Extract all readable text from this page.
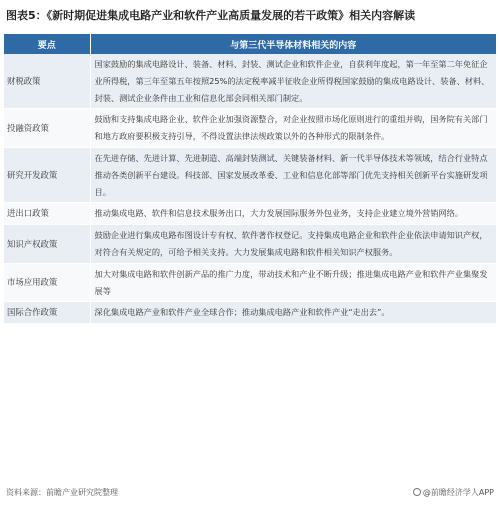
图表5：《新时期促进集成电路产业和软件产业高质量发展的若干政策》相关内容解读
要点	与第三代半导体材料相关的内容
财税政策	国家鼓励的集成电路设计、装备、材料、封装、测试企业和软件企业，自获利年度起，第一年至第二年免征企业所得税，第三年至第五年按照25%的法定税率减半征收企业所得税国家鼓励的集成电路设计、装备、材料、封装、测试企业条件由工业和信息化部会同相关部门制定。
投融资政策	鼓励和支持集成电路企业、软件企业加强资源整合，对企业按照市场化原则进行的重组并购，国务院有关部门和地方政府要积极支持引导，不得设置法律法规政策以外的各种形式的限制条件。
研究开发政策	在先进存储、先进计算、先进制造、高端封装测试、关键装备材料、新一代半导体技术等领域，结合行业特点推动各类创新平台建设。科技部、国家发展改革委、工业和信息化部等部门优先支持相关创新平台实施研发项目。
进出口政策	推动集成电路、软件和信息技术服务出口，大力发展国际服务外包业务，支持企业建立境外营销网络。
知识产权政策	鼓励企业进行集成电路布图设计专有权、软件著作权登记。支持集成电路企业和软件企业依法申请知识产权，对符合有关规定的，可给予相关支持。大力发展集成电路和软件相关知识产权服务。
市场应用政策	加大对集成电路和软件创新产品的推广力度，带动技术和产业不断升级；推进集成电路产业和软件产业集聚发展等
国际合作政策	深化集成电路产业和软件产业全球合作；推动集成电路产业和软件产业“走出去”。
资料来源：前瞻产业研究院整理	@前瞻经济学人APP
